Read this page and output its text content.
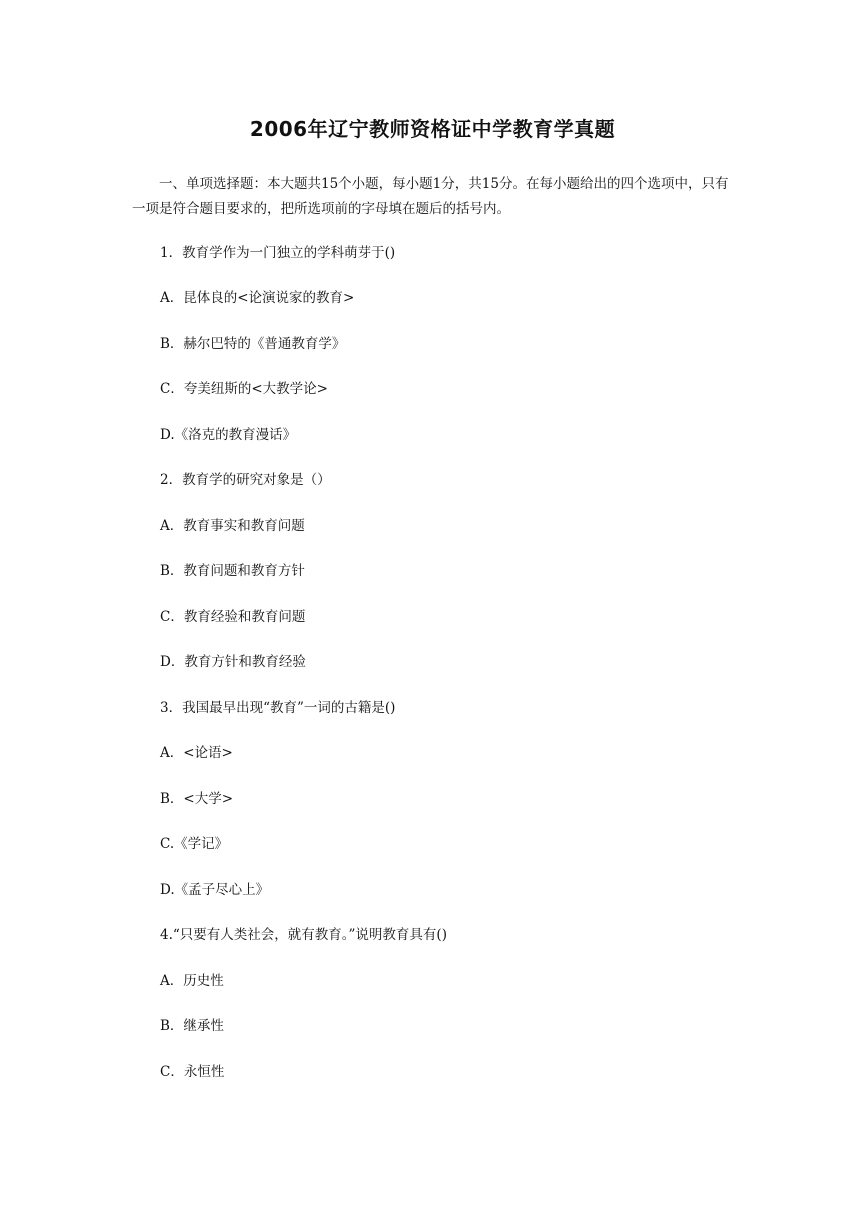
2006年辽宁教师资格证中学教育学真题
一、单项选择题：本大题共15个小题，每小题1分，共15分。在每小题给出的四个选项中，只有一项是符合题目要求的，把所选项前的字母填在题后的括号内。
1．教育学作为一门独立的学科萌芽于()
A．昆体良的<论演说家的教育>
B．赫尔巴特的《普通教育学》
C．夸美纽斯的<大教学论>
D.《洛克的教育漫话》
2．教育学的研究对象是（）
A．教育事实和教育问题
B．教育问题和教育方针
C．教育经验和教育问题
D．教育方针和教育经验
3．我国最早出现“教育”一词的古籍是()
A．<论语>
B．<大学>
C.《学记》
D.《孟子尽心上》
4.“只要有人类社会，就有教育。”说明教育具有()
A．历史性
B．继承性
C．永恒性
